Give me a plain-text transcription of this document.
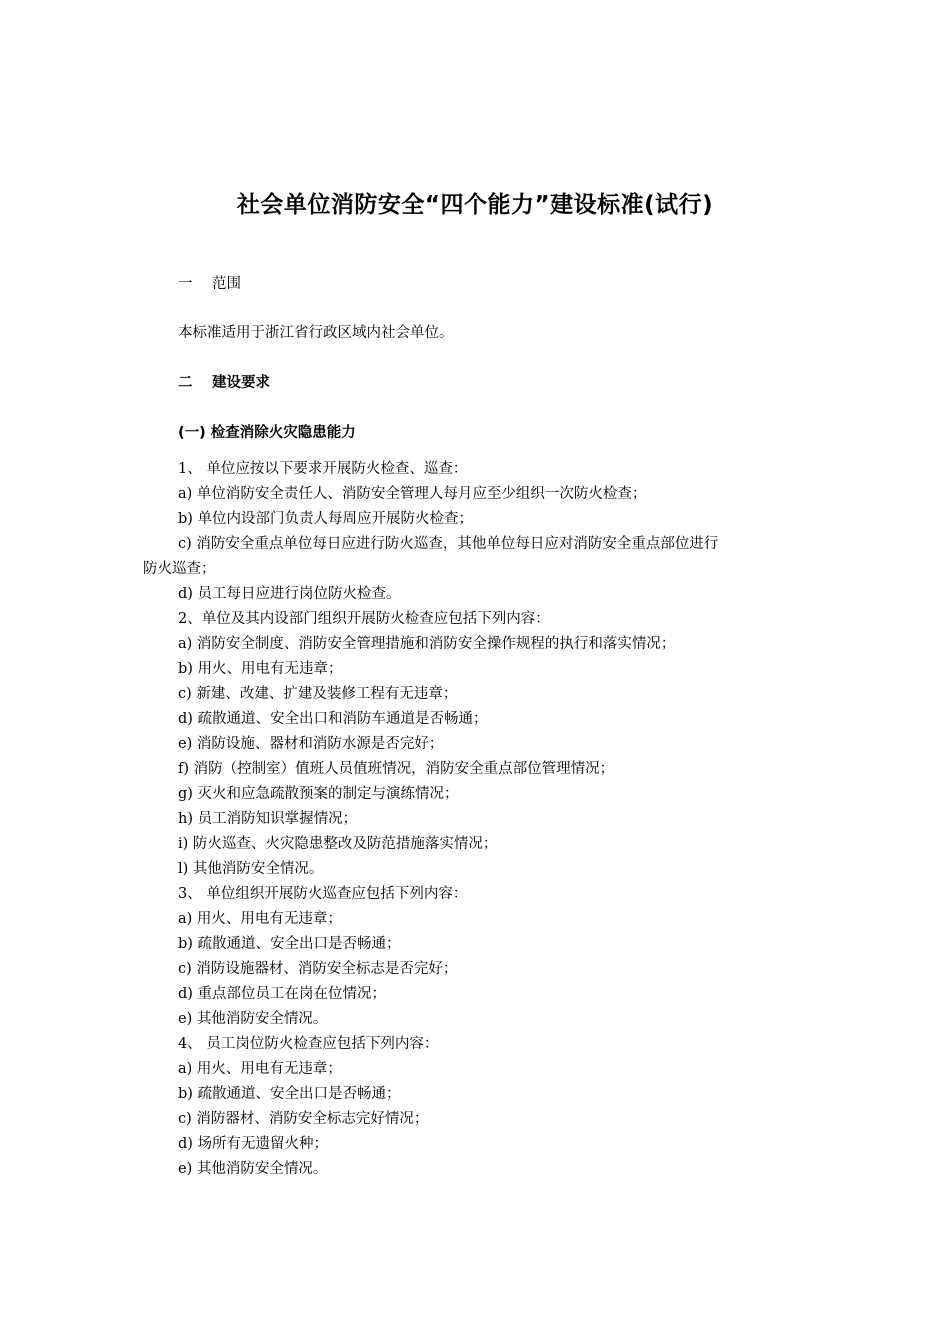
社会单位消防安全“四个能力”建设标准(试行)
一 范围
本标准适用于浙江省行政区域内社会单位。
二 建设要求
(一) 检查消除火灾隐患能力
1、 单位应按以下要求开展防火检查、巡查：
a) 单位消防安全责任人、消防安全管理人每月应至少组织一次防火检查；
b) 单位内设部门负责人每周应开展防火检查；
c) 消防安全重点单位每日应进行防火巡查，其他单位每日应对消防安全重点部位进行
防火巡查；
d) 员工每日应进行岗位防火检查。
2、单位及其内设部门组织开展防火检查应包括下列内容：
a) 消防安全制度、消防安全管理措施和消防安全操作规程的执行和落实情况；
b) 用火、用电有无违章；
c) 新建、改建、扩建及装修工程有无违章；
d) 疏散通道、安全出口和消防车通道是否畅通；
e) 消防设施、器材和消防水源是否完好；
f) 消防（控制室）值班人员值班情况，消防安全重点部位管理情况；
g) 灭火和应急疏散预案的制定与演练情况；
h) 员工消防知识掌握情况；
i) 防火巡查、火灾隐患整改及防范措施落实情况；
l) 其他消防安全情况。
3、 单位组织开展防火巡查应包括下列内容：
a) 用火、用电有无违章；
b) 疏散通道、安全出口是否畅通；
c) 消防设施器材、消防安全标志是否完好；
d) 重点部位员工在岗在位情况；
e) 其他消防安全情况。
4、 员工岗位防火检查应包括下列内容：
a) 用火、用电有无违章；
b) 疏散通道、安全出口是否畅通；
c) 消防器材、消防安全标志完好情况；
d) 场所有无遗留火种；
e) 其他消防安全情况。
